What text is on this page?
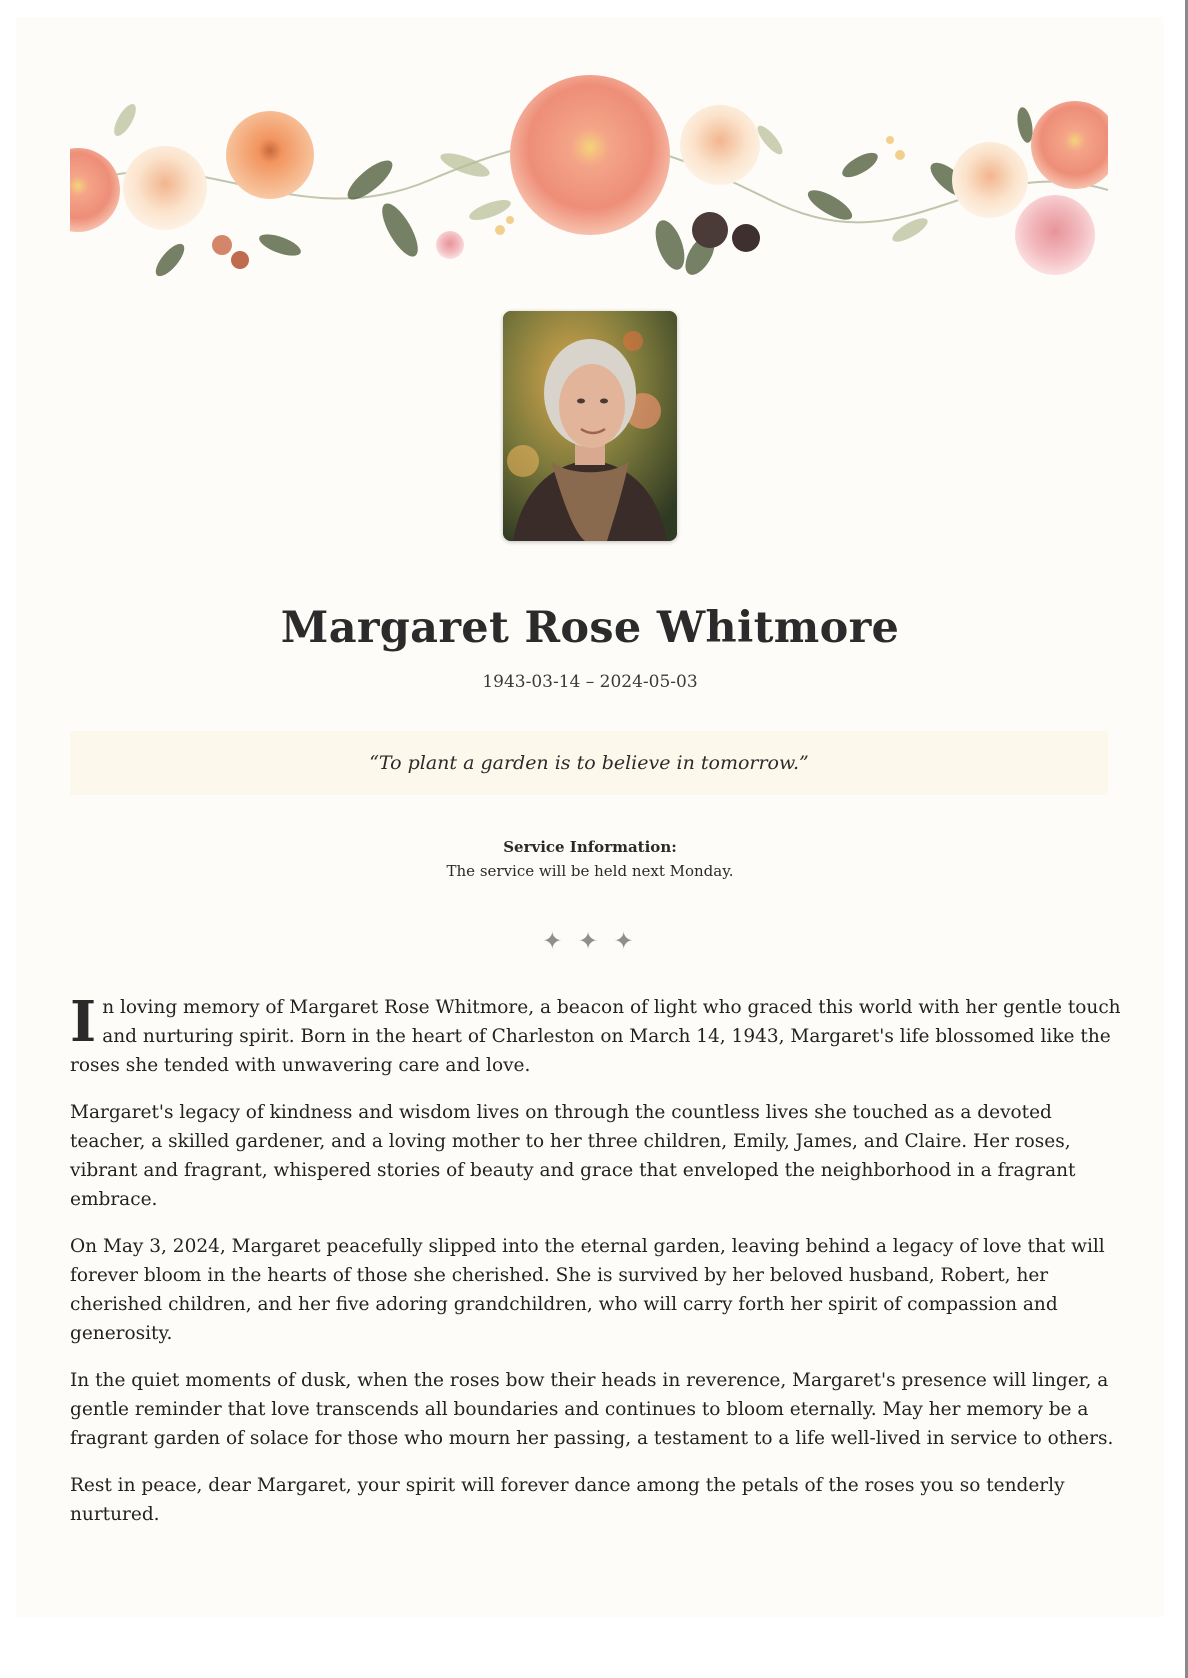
Margaret Rose Whitmore
1943-03-14 – 2024-05-03
“To plant a garden is to believe in tomorrow.”
Service Information:
The service will be held next Monday.
✦ ✦ ✦

In loving memory of Margaret Rose Whitmore, a beacon of light who graced this world with her gentle touch and nurturing spirit. Born in the heart of Charleston on March 14, 1943, Margaret's life blossomed like the roses she tended with unwavering care and love.

Margaret's legacy of kindness and wisdom lives on through the countless lives she touched as a devoted teacher, a skilled gardener, and a loving mother to her three children, Emily, James, and Claire. Her roses, vibrant and fragrant, whispered stories of beauty and grace that enveloped the neighborhood in a fragrant embrace.

On May 3, 2024, Margaret peacefully slipped into the eternal garden, leaving behind a legacy of love that will forever bloom in the hearts of those she cherished. She is survived by her beloved husband, Robert, her cherished children, and her five adoring grandchildren, who will carry forth her spirit of compassion and generosity.

In the quiet moments of dusk, when the roses bow their heads in reverence, Margaret's presence will linger, a gentle reminder that love transcends all boundaries and continues to bloom eternally. May her memory be a fragrant garden of solace for those who mourn her passing, a testament to a life well-lived in service to others.

Rest in peace, dear Margaret, your spirit will forever dance among the petals of the roses you so tenderly nurtured.
